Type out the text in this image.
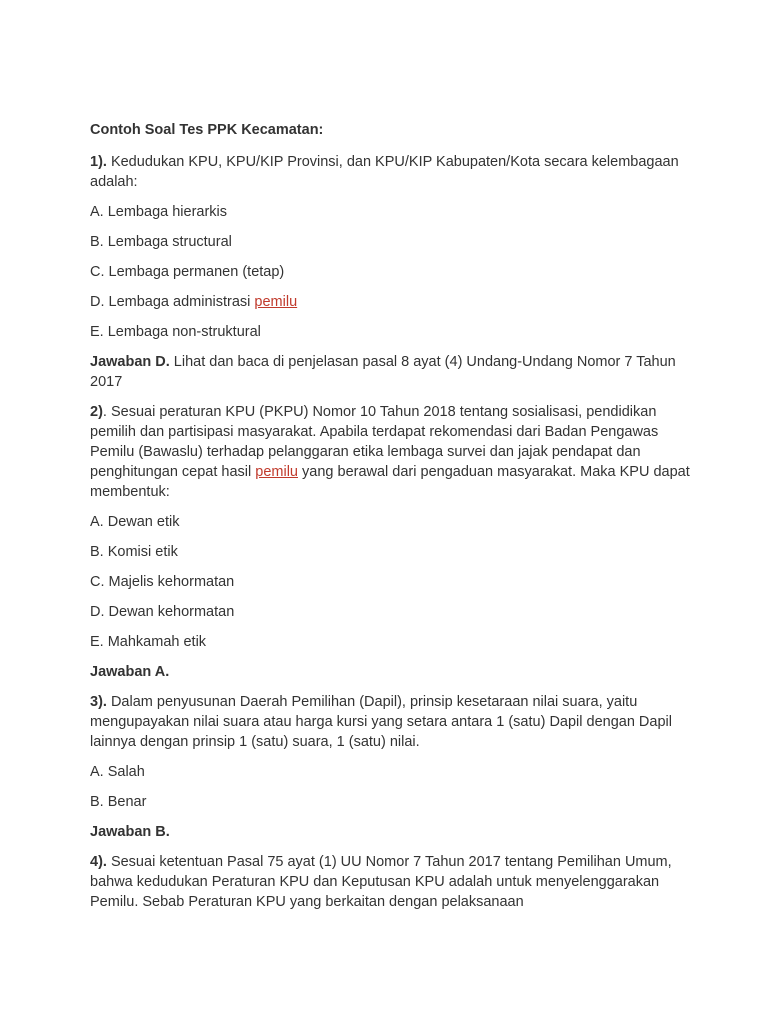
Contoh Soal Tes PPK Kecamatan:

1). Kedudukan KPU, KPU/KIP Provinsi, dan KPU/KIP Kabupaten/Kota secara kelembagaan adalah:

A. Lembaga hierarkis

B. Lembaga structural

C. Lembaga permanen (tetap)

D. Lembaga administrasi pemilu

E. Lembaga non-struktural

Jawaban D. Lihat dan baca di penjelasan pasal 8 ayat (4) Undang-Undang Nomor 7 Tahun 2017

2). Sesuai peraturan KPU (PKPU) Nomor 10 Tahun 2018 tentang sosialisasi, pendidikan pemilih dan partisipasi masyarakat. Apabila terdapat rekomendasi dari Badan Pengawas Pemilu (Bawaslu) terhadap pelanggaran etika lembaga survei dan jajak pendapat dan penghitungan cepat hasil pemilu yang berawal dari pengaduan masyarakat. Maka KPU dapat membentuk:

A. Dewan etik

B. Komisi etik

C. Majelis kehormatan

D. Dewan kehormatan

E. Mahkamah etik

Jawaban A.

3). Dalam penyusunan Daerah Pemilihan (Dapil), prinsip kesetaraan nilai suara, yaitu mengupayakan nilai suara atau harga kursi yang setara antara 1 (satu) Dapil dengan Dapil lainnya dengan prinsip 1 (satu) suara, 1 (satu) nilai.

A. Salah

B. Benar

Jawaban B.

4). Sesuai ketentuan Pasal 75 ayat (1) UU Nomor 7 Tahun 2017 tentang Pemilihan Umum, bahwa kedudukan Peraturan KPU dan Keputusan KPU adalah untuk menyelenggarakan Pemilu. Sebab Peraturan KPU yang berkaitan dengan pelaksanaan
